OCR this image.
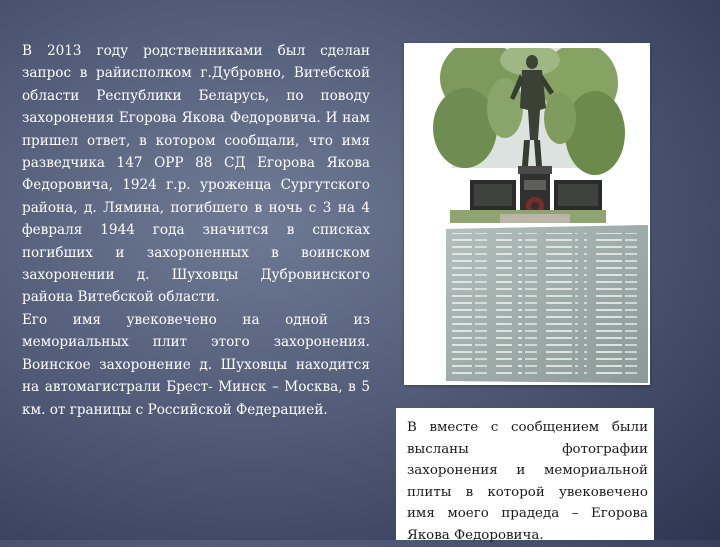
В 2013 году родственниками был сделан запрос в райисполком г.Дубровно, Витебской области Республики Беларусь, по поводу захоронения Егорова Якова Федоровича. И нам пришел ответ, в котором сообщали, что имя разведчика 147 ОРР 88 СД Егорова Якова Федоровича, 1924 г.р. уроженца Сургутского района, д. Лямина, погибшего в ночь с 3 на 4 февраля 1944 года значится в списках погибших и захороненных в воинском захоронении д. Шуховцы Дубровинского района Витебской области.

Его имя увековечено на одной из мемориальных плит этого захоронения. Воинское захоронение д. Шуховцы находится на автомагистрали Брест- Минск – Москва, в 5 км. от границы с Российской Федерацией.

В вместе с сообщением были высланы фотографии захоронения и мемориальной плиты в которой увековечено имя моего прадеда – Егорова Якова Федоровича.
